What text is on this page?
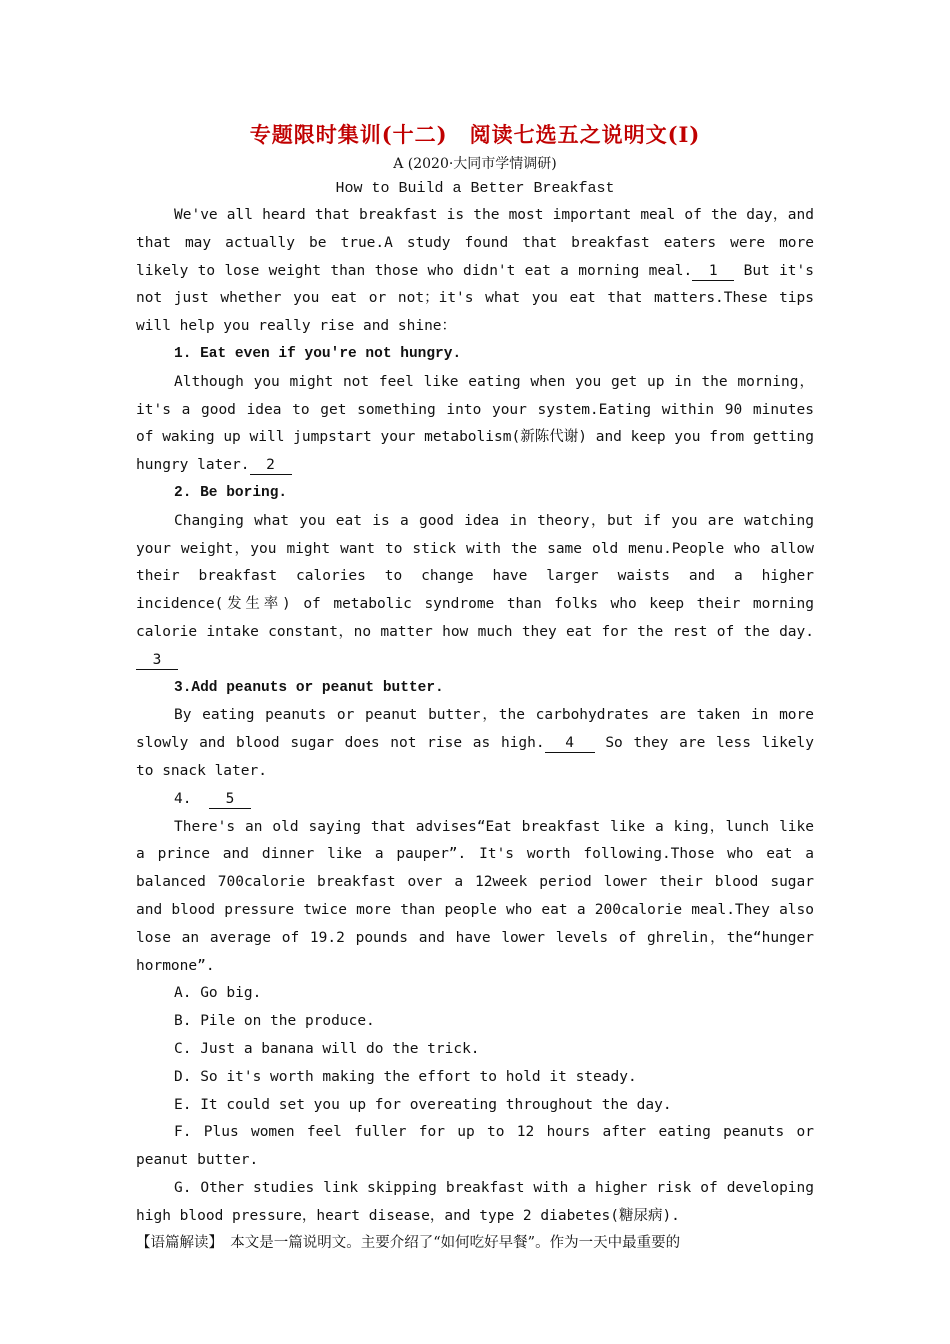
专题限时集训(十二)　阅读七选五之说明文(Ⅰ)
A (2020·大同市学情调研)
How to Build a Better Breakfast

We've all heard that breakfast is the most important meal of the day，and that may actually be true.A study found that breakfast eaters were more likely to lose weight than those who didn't eat a morning meal. 1 But it's not just whether you eat or not；it's what you eat that matters.These tips will help you really rise and shine：

1. Eat even if you're not hungry.

Although you might not feel like eating when you get up in the morning，it's a good idea to get something into your system.Eating within 90 minutes of waking up will jumpstart your metabolism(新陈代谢) and keep you from getting hungry later. 2

2. Be boring.

Changing what you eat is a good idea in theory，but if you are watching your weight，you might want to stick with the same old menu.People who allow their breakfast calories to change have larger waists and a higher incidence(发生率) of metabolic syndrome than folks who keep their morning calorie intake constant，no matter how much they eat for the rest of the day.3

3.Add peanuts or peanut butter.

By eating peanuts or peanut butter，the carbohydrates are taken in more slowly and blood sugar does not rise as high. 4 So they are less likely to snack later.

4. 5

There's an old saying that advises“Eat breakfast like a king，lunch like a prince and dinner like a pauper”. It's worth following.Those who eat a balanced 700calorie breakfast over a 12week period lower their blood sugar and blood pressure twice more than people who eat a 200calorie meal.They also lose an average of 19.2 pounds and have lower levels of ghrelin，the“hunger hormone”.

A. Go big.

B. Pile on the produce.

C. Just a banana will do the trick.

D. So it's worth making the effort to hold it steady.

E. It could set you up for overeating throughout the day.

F. Plus women feel fuller for up to 12 hours after eating peanuts or peanut butter.

G. Other studies link skipping breakfast with a higher risk of developing high blood pressure，heart disease，and type 2 diabetes(糖尿病).

【语篇解读】　本文是一篇说明文。主要介绍了“如何吃好早餐”。作为一天中最重要的
